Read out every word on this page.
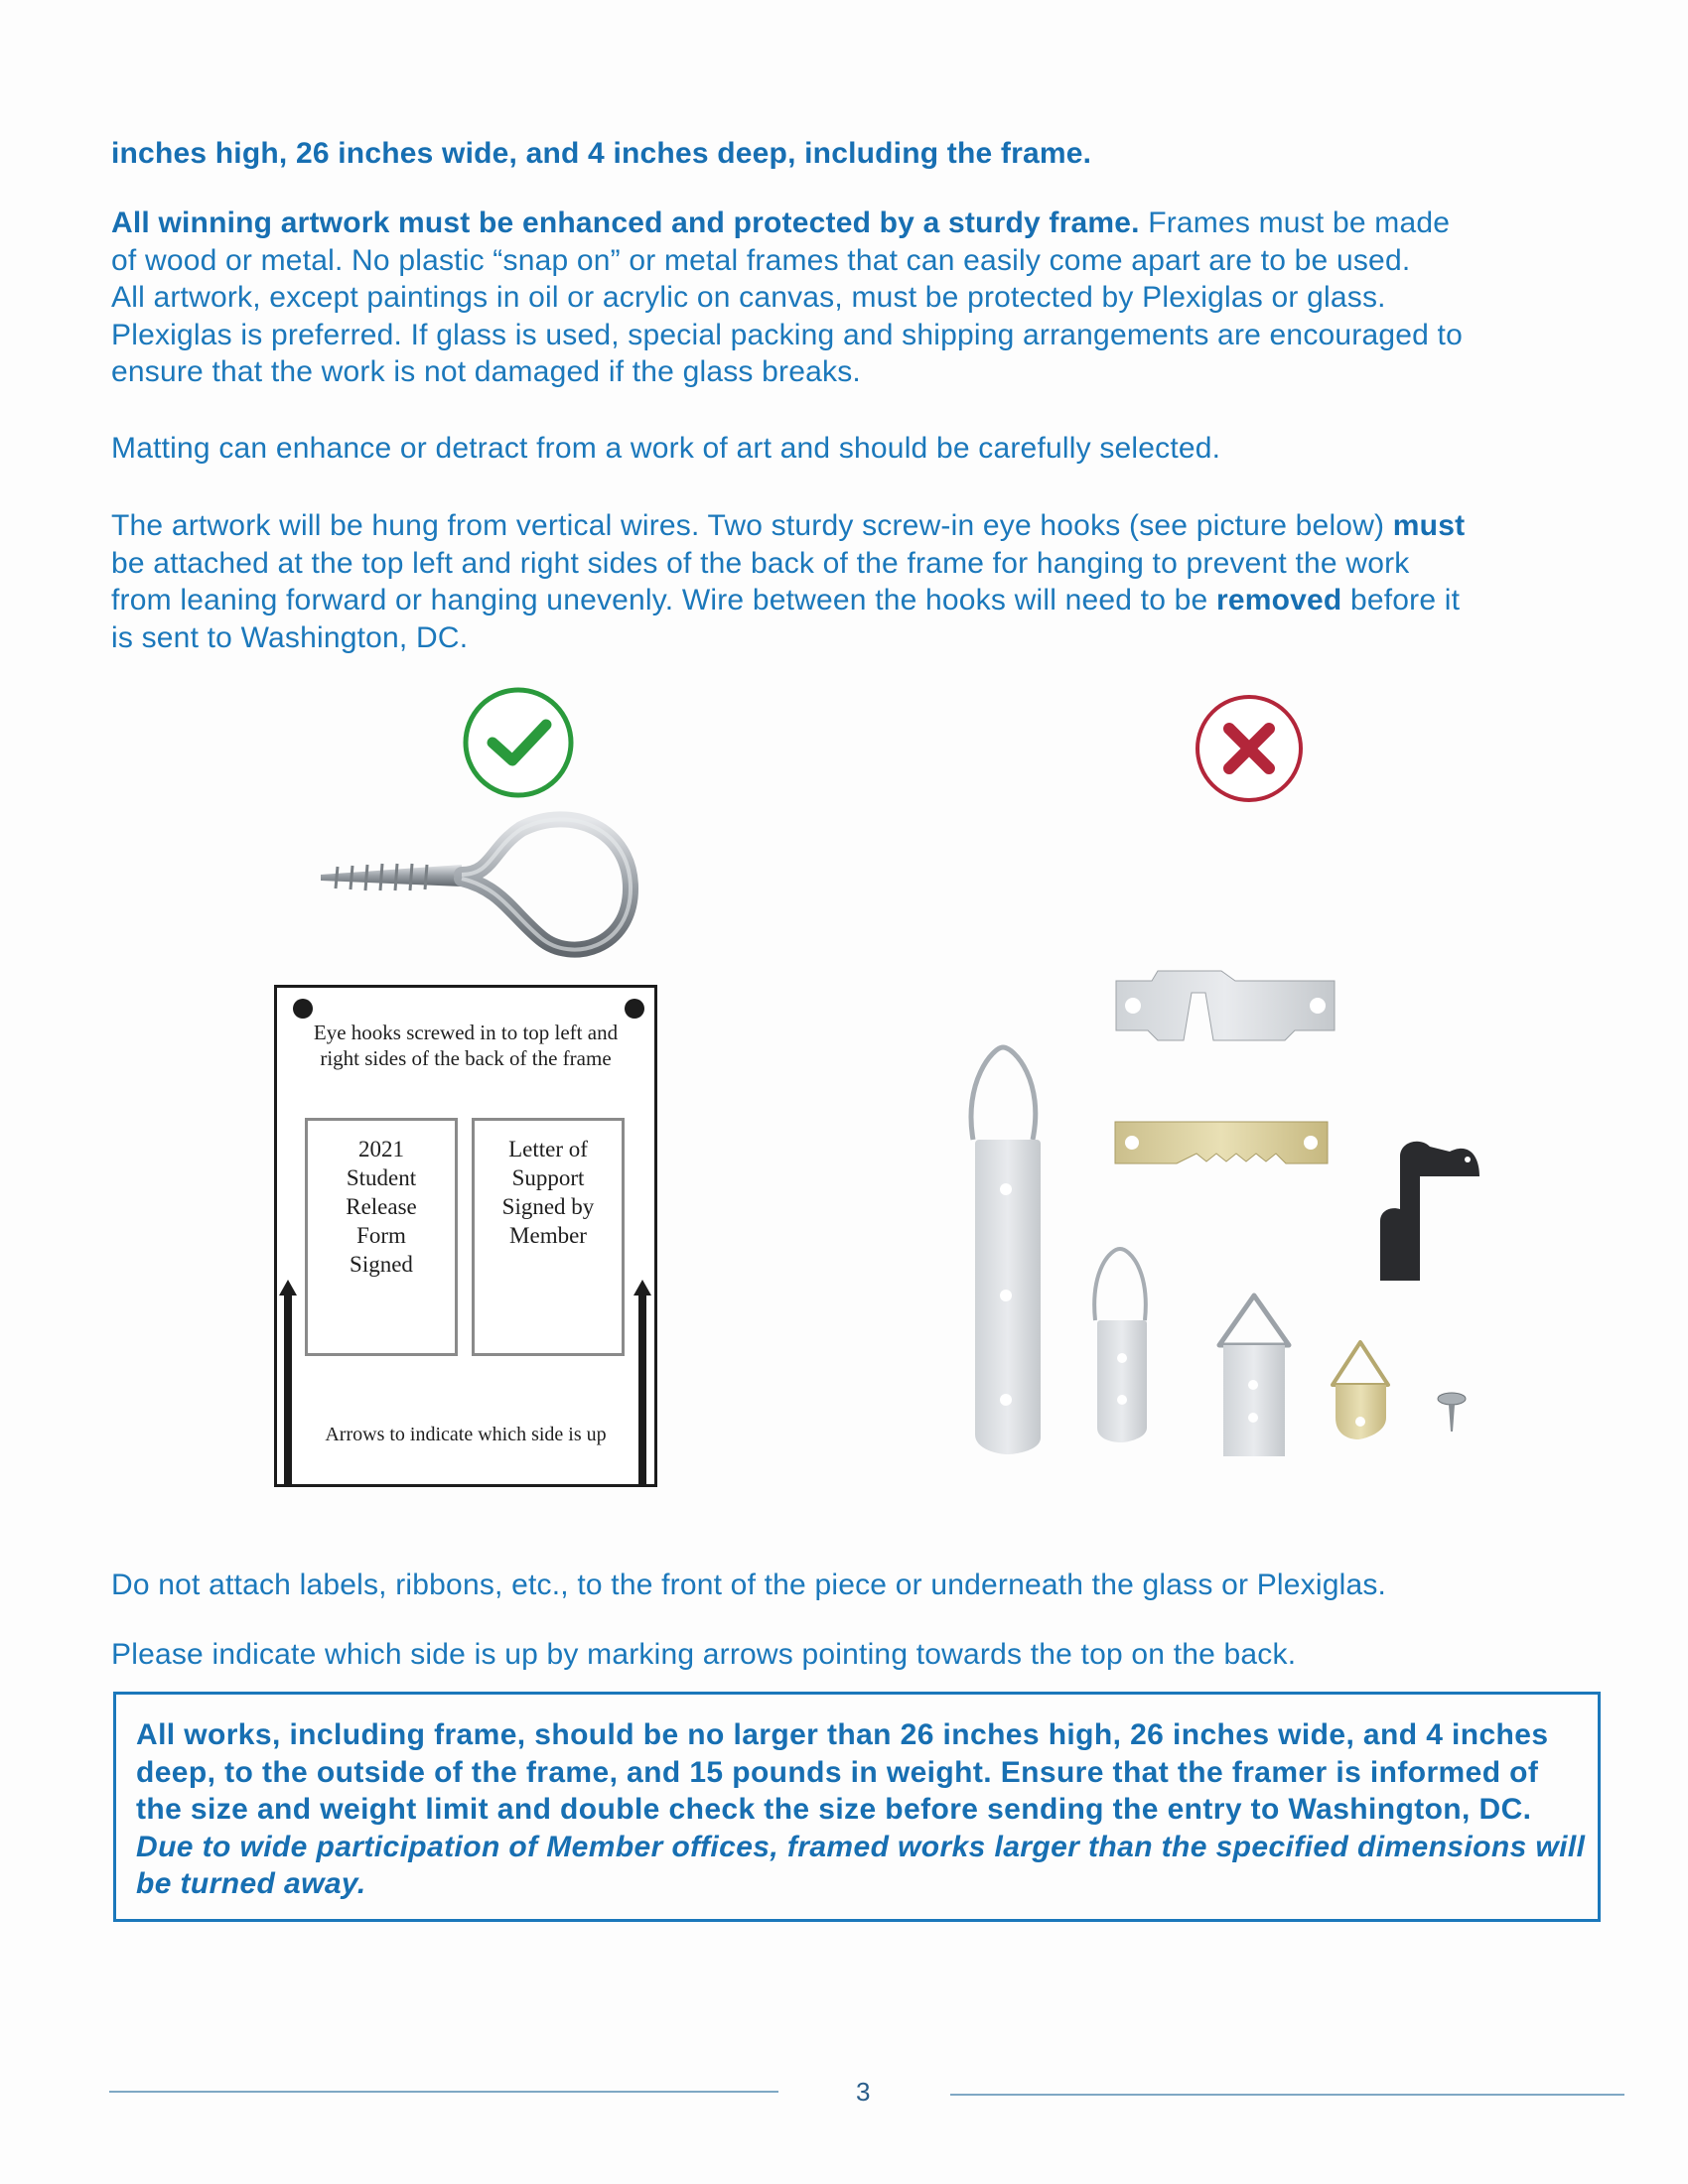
inches high, 26 inches wide, and 4 inches deep, including the frame.

All winning artwork must be enhanced and protected by a sturdy frame. Frames must be made
of wood or metal. No plastic “snap on” or metal frames that can easily come apart are to be used.
All artwork, except paintings in oil or acrylic on canvas, must be protected by Plexiglas or glass.
Plexiglas is preferred. If glass is used, special packing and shipping arrangements are encouraged to
ensure that the work is not damaged if the glass breaks.

Matting can enhance or detract from a work of art and should be carefully selected.

The artwork will be hung from vertical wires. Two sturdy screw-in eye hooks (see picture below) must
be attached at the top left and right sides of the back of the frame for hanging to prevent the work
from leaning forward or hanging unevenly. Wire between the hooks will need to be removed before it
is sent to Washington, DC.

Eye hooks screwed in to top left and right sides of the back of the frame
2021
Student
Release
Form
Signed
Letter of
Support
Signed by
Member
Arrows to indicate which side is up

Do not attach labels, ribbons, etc., to the front of the piece or underneath the glass or Plexiglas.

Please indicate which side is up by marking arrows pointing towards the top on the back.

All works, including frame, should be no larger than 26 inches high, 26 inches wide, and 4 inches deep, to the outside of the frame, and 15 pounds in weight. Ensure that the framer is informed of the size and weight limit and double check the size before sending the entry to Washington, DC. Due to wide participation of Member offices, framed works larger than the specified dimensions will be turned away.

3
